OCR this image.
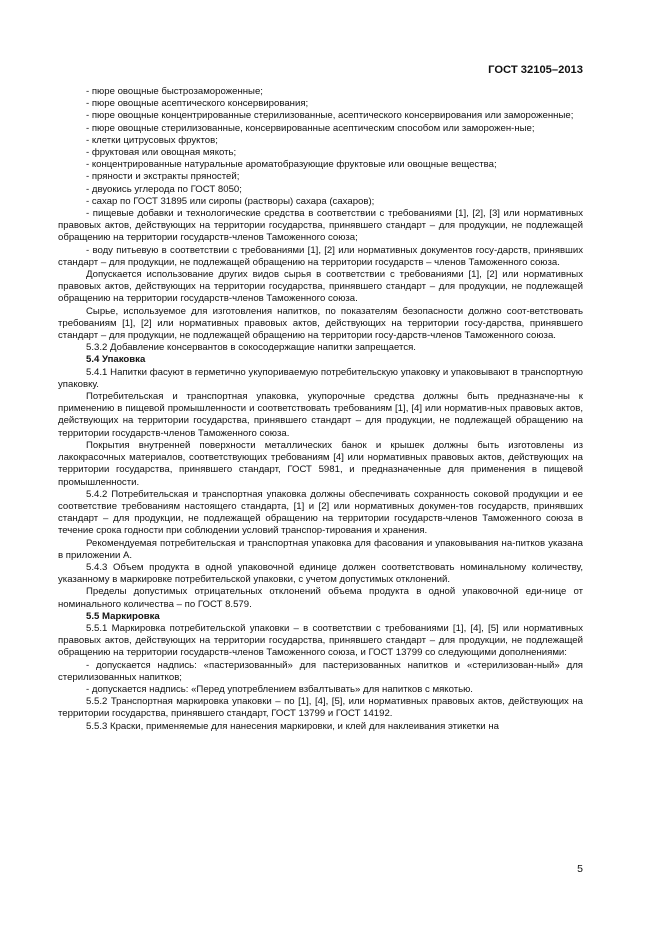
ГОСТ 32105–2013

- пюре овощные быстрозамороженные;

- пюре овощные асептического консервирования;

- пюре овощные концентрированные стерилизованные, асептического консервирования или замороженные;

- пюре овощные стерилизованные, консервированные асептическим способом или заморожен-ные;

- клетки цитрусовых фруктов;

- фруктовая или овощная мякоть;

- концентрированные натуральные ароматобразующие фруктовые или овощные вещества;

- пряности и экстракты пряностей;

- двуокись углерода по ГОСТ 8050;

- сахар по ГОСТ 31895 или сиропы (растворы) сахара (сахаров);

- пищевые добавки и технологические средства в соответствии с требованиями [1], [2], [3] или нормативных правовых актов, действующих на территории государства, принявшего стандарт – для продукции, не подлежащей обращению на территории государств-членов Таможенного союза;

- воду питьевую в соответствии с требованиями [1], [2] или нормативных документов госу-дарств, принявших стандарт – для продукции, не подлежащей обращению на территории государств – членов Таможенного союза.

Допускается использование других видов сырья в соответствии с требованиями [1], [2] или нормативных правовых актов, действующих на территории государства, принявшего стандарт – для продукции, не подлежащей обращению на территории государств-членов Таможенного союза.

Сырье, используемое для изготовления напитков, по показателям безопасности должно соот-ветствовать требованиям [1], [2] или нормативных правовых актов, действующих на территории госу-дарства, принявшего стандарт – для продукции, не подлежащей обращению на территории госу-дарств-членов Таможенного союза.

5.3.2 Добавление консервантов в сокосодержащие напитки запрещается.

5.4 Упаковка

5.4.1 Напитки фасуют в герметично укупориваемую потребительскую упаковку и упаковывают в транспортную упаковку.

Потребительская и транспортная упаковка, укупорочные средства должны быть предназначе-ны к применению в пищевой промышленности и соответствовать требованиям [1], [4] или норматив-ных правовых актов, действующих на территории государства, принявшего стандарт – для продукции, не подлежащей обращению на территории государств-членов Таможенного союза.

Покрытия внутренней поверхности металлических банок и крышек должны быть изготовлены из лакокрасочных материалов, соответствующих требованиям [4] или нормативных правовых актов, действующих на территории государства, принявшего стандарт, ГОСТ 5981, и предназначенные для применения в пищевой промышленности.

5.4.2 Потребительская и транспортная упаковка должны обеспечивать сохранность соковой продукции и ее соответствие требованиям настоящего стандарта, [1] и [2] или нормативных докумен-тов государств, принявших стандарт – для продукции, не подлежащей обращению на территории государств-членов Таможенного союза в течение срока годности при соблюдении условий транспор-тирования и хранения.

Рекомендуемая потребительская и транспортная упаковка для фасования и упаковывания на-питков указана в приложении А.

5.4.3 Объем продукта в одной упаковочной единице должен соответствовать номинальному количеству, указанному в маркировке потребительской упаковки, с учетом допустимых отклонений.

Пределы допустимых отрицательных отклонений объема продукта в одной упаковочной еди-нице от номинального количества – по ГОСТ 8.579.

5.5 Маркировка

5.5.1 Маркировка потребительской упаковки – в соответствии с требованиями [1], [4], [5] или нормативных правовых актов, действующих на территории государства, принявшего стандарт – для продукции, не подлежащей обращению на территории государств-членов Таможенного союза, и ГОСТ 13799 со следующими дополнениями:

- допускается надпись: «пастеризованный» для пастеризованных напитков и «стерилизован-ный» для стерилизованных напитков;

- допускается надпись: «Перед употреблением взбалтывать» для напитков с мякотью.

5.5.2 Транспортная маркировка упаковки – по [1], [4], [5], или нормативных правовых актов, действующих на территории государства, принявшего стандарт, ГОСТ 13799 и ГОСТ 14192.

5.5.3 Краски, применяемые для нанесения маркировки, и клей для наклеивания этикетки на

5
